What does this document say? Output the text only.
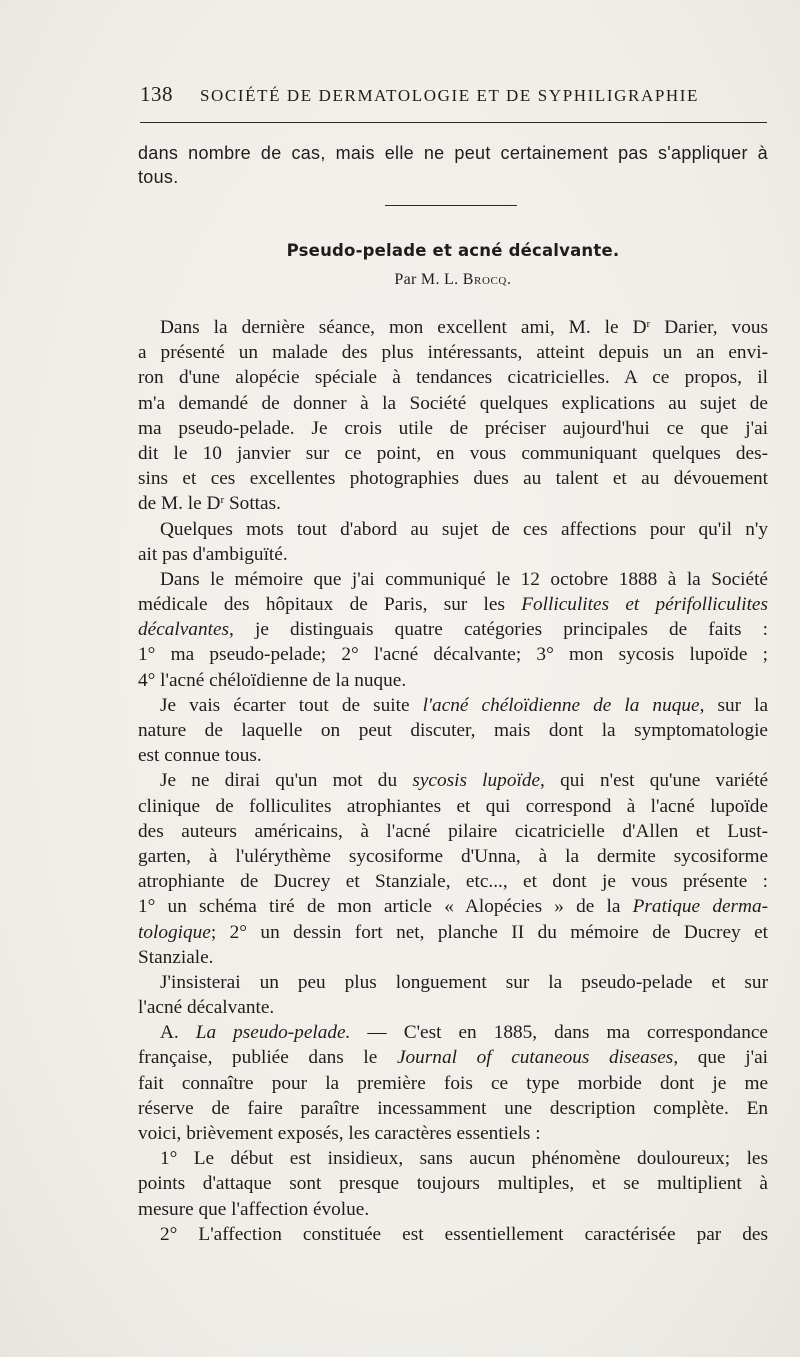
138 SOCIÉTÉ DE DERMATOLOGIE ET DE SYPHILIGRAPHIE
dans nombre de cas, mais elle ne peut certainement pas s'appliquer à
tous.
Pseudo-pelade et acné décalvante.
Par M. L. Brocq.
Dans la dernière séance, mon excellent ami, M. le $D^r$ Darier, vous
a présenté un malade des plus intéressants, atteint depuis un an envi-
ron d'une alopécie spéciale à tendances cicatricielles. A ce propos, il
m'a demandé de donner à la Société quelques explications au sujet de
ma pseudo-pelade. Je crois utile de préciser aujourd'hui ce que j'ai
dit le 10 janvier sur ce point, en vous communiquant quelques des-
sins et ces excellentes photographies dues au talent et au dévouement
de M. le $D^r$ Sottas.
Quelques mots tout d'abord au sujet de ces affections pour qu'il n'y
ait pas d'ambiguïté.
Dans le mémoire que j'ai communiqué le 12 octobre 1888 à la Société
médicale des hôpitaux de Paris, sur les Folliculites et périfolliculites
décalvantes, je distinguais quatre catégories principales de faits :
1° ma pseudo-pelade; 2° l'acné décalvante; 3° mon sycosis lupoïde ;
4° l'acné chéloïdienne de la nuque.
Je vais écarter tout de suite l'acné chéloïdienne de la nuque, sur la
nature de laquelle on peut discuter, mais dont la symptomatologie
est connue tous.
Je ne dirai qu'un mot du sycosis lupoïde, qui n'est qu'une variété
clinique de folliculites atrophiantes et qui correspond à l'acné lupoïde
des auteurs américains, à l'acné pilaire cicatricielle d'Allen et Lust-
garten, à l'ulérythème sycosiforme d'Unna, à la dermite sycosiforme
atrophiante de Ducrey et Stanziale, etc..., et dont je vous présente :
1° un schéma tiré de mon article « Alopécies » de la Pratique derma-
tologique; 2° un dessin fort net, planche II du mémoire de Ducrey et
Stanziale.
J'insisterai un peu plus longuement sur la pseudo-pelade et sur
l'acné décalvante.
A. La pseudo-pelade. — C'est en 1885, dans ma correspondance
française, publiée dans le Journal of cutaneous diseases, que j'ai
fait connaître pour la première fois ce type morbide dont je me
réserve de faire paraître incessamment une description complète. En
voici, brièvement exposés, les caractères essentiels :
1° Le début est insidieux, sans aucun phénomène douloureux; les
points d'attaque sont presque toujours multiples, et se multiplient à
mesure que l'affection évolue.
2° L'affection constituée est essentiellement caractérisée par des
